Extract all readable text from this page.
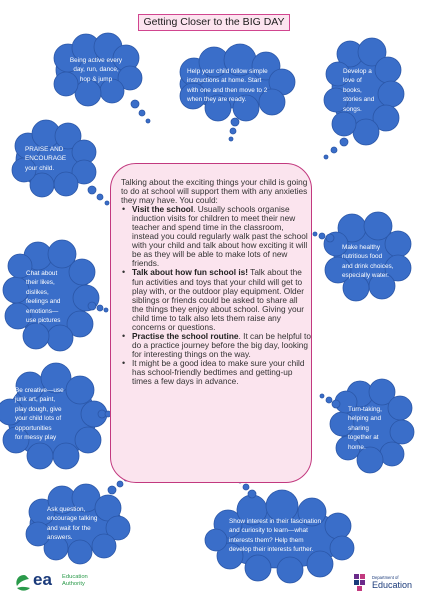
Getting Closer to the BIG DAY
Being active every
day, run, dance,
hop & jump
Help your child follow simple
instructions at home. Start
with one and then move to 2
when they are ready.
Develop a
love of
books,
stories and
songs.
PRAISE AND
ENCOURAGE
your child.
Make healthy
nutritious food
and drink choices,
especially water.
Chat about
their likes,
dislikes,
feelings and
emotions—
use pictures
Be creative—use
junk art, paint,
play dough, give
your child lots of
opportunities
for messy play
Turn-taking,
helping and
sharing
together at
home.
Ask question,
encourage talking
and wait for the
answers.
Show interest in their fascination
and curiosity to learn—what
interests them? Help them
develop their interests further.

Talking about the exciting things your child is going to do at school will support them with any anxieties they may have. You could:

• Visit the school. Usually schools organise induction visits for children to meet their new teacher and spend time in the classroom, instead you could regularly walk past the school with your child and talk about how exciting it will be as they will be able to make lots of new friends.
• Talk about how fun school is! Talk about the fun activities and toys that your child will get to play with, or the outdoor play equipment. Older siblings or friends could be asked to share all the things they enjoy about school. Giving your child time to talk also lets them raise any concerns or questions.
• Practise the school routine. It can be helpful to do a practice journey before the big day, looking for interesting things on the way.
• It might be a good idea to make sure your child has school-friendly bedtimes and getting-up times a few days in advance.
ea Education
Authority
Department of
Education
